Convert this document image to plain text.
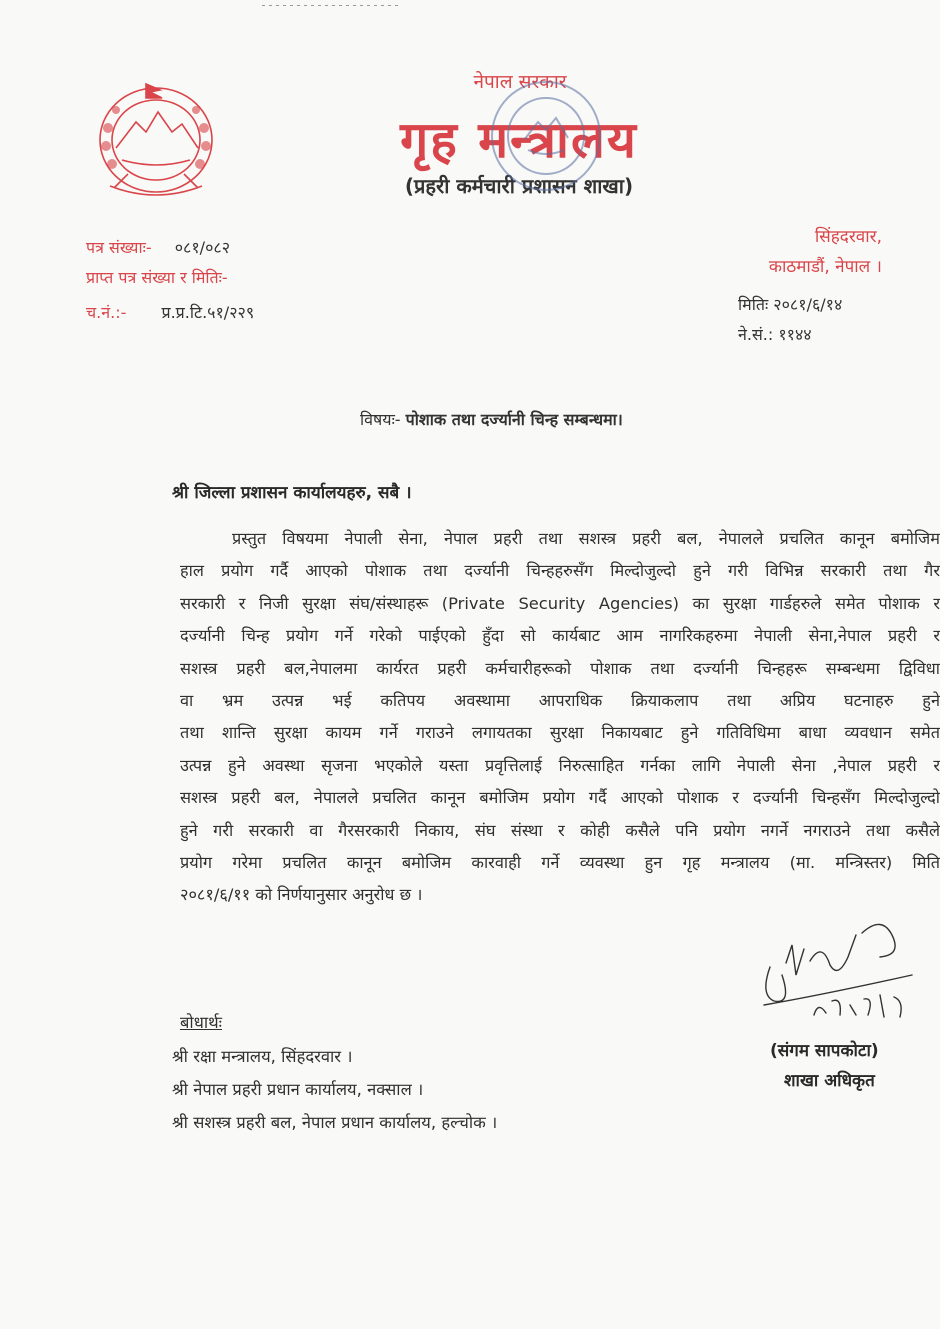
नेपाल सरकार
गृह मन्त्रालय
(प्रहरी कर्मचारी प्रशासन शाखा)
पत्र संख्याः- ०८१/०८२
प्राप्त पत्र संख्या र मितिः-
च.नं.:- प्र.प्र.टि.५१/२२९
सिंहदरवार,
काठमाडौं, नेपाल ।
मितिः २०८१/६/१४
ने.सं.: ११४४
विषयः- पोशाक तथा दर्ज्यानी चिन्ह सम्बन्धमा।
श्री जिल्ला प्रशासन कार्यालयहरु, सबै ।
प्रस्तुत विषयमा नेपाली सेना, नेपाल प्रहरी तथा सशस्त्र प्रहरी बल, नेपालले प्रचलित कानून बमोजिम
हाल प्रयोग गर्दै आएको पोशाक तथा दर्ज्यानी चिन्हहरुसँग मिल्दोजुल्दो हुने गरी विभिन्न सरकारी तथा गैर
सरकारी र निजी सुरक्षा संघ/संस्थाहरू (Private Security Agencies) का सुरक्षा गार्डहरुले समेत पोशाक र
दर्ज्यानी चिन्ह प्रयोग गर्ने गरेको पाईएको हुँदा सो कार्यबाट आम नागरिकहरुमा नेपाली सेना,नेपाल प्रहरी र
सशस्त्र प्रहरी बल,नेपालमा कार्यरत प्रहरी कर्मचारीहरूको पोशाक तथा दर्ज्यानी चिन्हहरू सम्बन्धमा द्विविधा
वा भ्रम उत्पन्न भई कतिपय अवस्थामा आपराधिक क्रियाकलाप तथा अप्रिय घटनाहरु हुने
तथा शान्ति सुरक्षा कायम गर्ने गराउने लगायतका सुरक्षा निकायबाट हुने गतिविधिमा बाधा व्यवधान समेत
उत्पन्न हुने अवस्था सृजना भएकोले यस्ता प्रवृत्तिलाई निरुत्साहित गर्नका लागि नेपाली सेना ,नेपाल प्रहरी र
सशस्त्र प्रहरी बल, नेपालले प्रचलित कानून बमोजिम प्रयोग गर्दै आएको पोशाक र दर्ज्यानी चिन्हसँग मिल्दोजुल्दो
हुने गरी सरकारी वा गैरसरकारी निकाय, संघ संस्था र कोही कसैले पनि प्रयोग नगर्ने नगराउने तथा कसैले
प्रयोग गरेमा प्रचलित कानून बमोजिम कारवाही गर्ने व्यवस्था हुन गृह मन्त्रालय (मा. मन्त्रिस्तर) मिति
२०८१/६/११ को निर्णयानुसार अनुरोध छ ।
(संगम सापकोटा)
शाखा अधिकृत
बोधार्थः
श्री रक्षा मन्त्रालय, सिंहदरवार ।
श्री नेपाल प्रहरी प्रधान कार्यालय, नक्साल ।
श्री सशस्त्र प्रहरी बल, नेपाल प्रधान कार्यालय, हल्चोक ।
